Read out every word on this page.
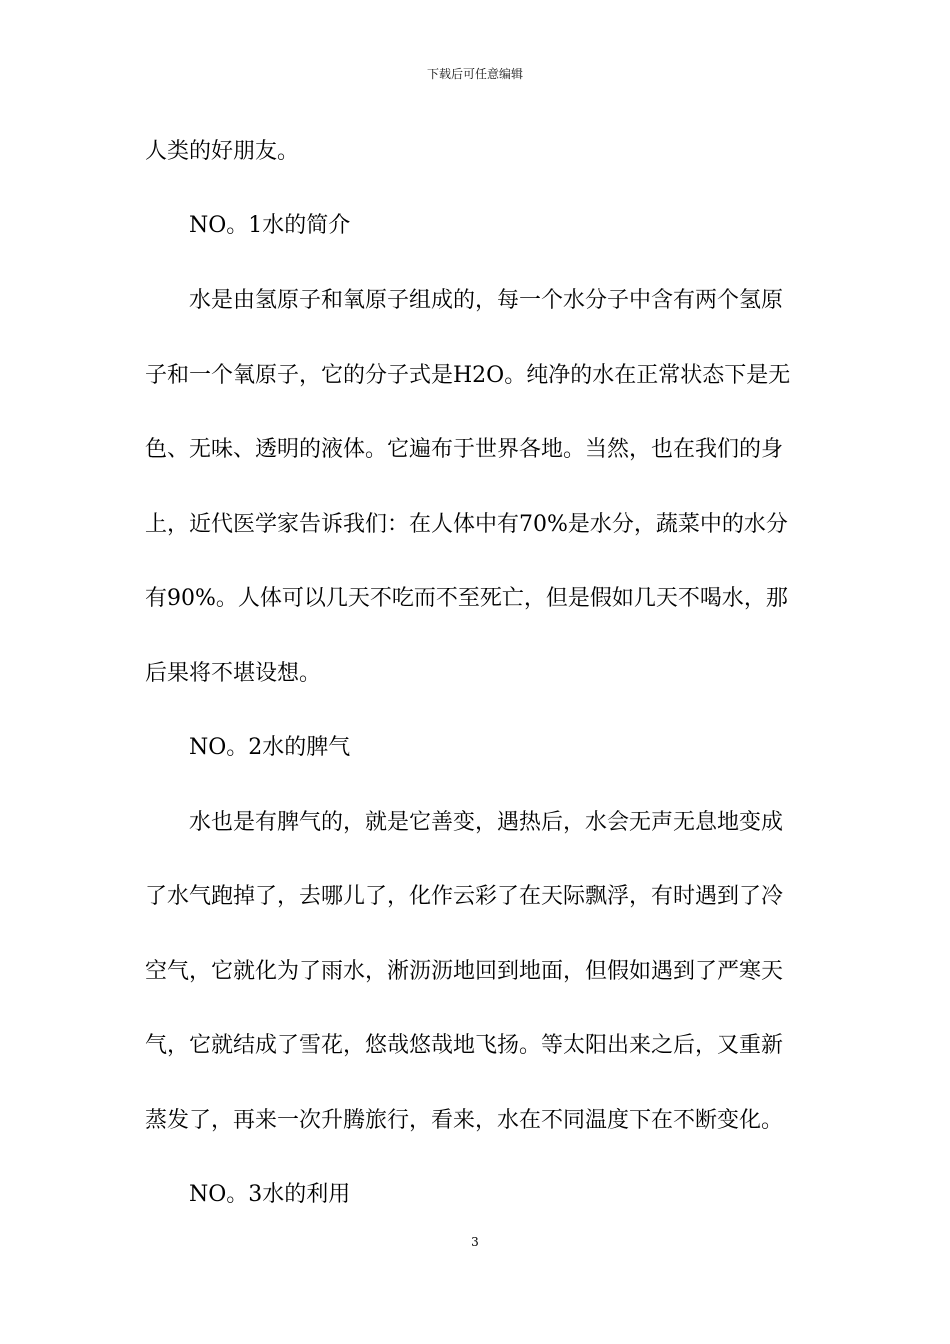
下载后可任意编辑
人类的好朋友。
NO。1水的简介
水是由氢原子和氧原子组成的，每一个水分子中含有两个氢原
子和一个氧原子，它的分子式是H2O。纯净的水在正常状态下是无
色、无味、透明的液体。它遍布于世界各地。当然，也在我们的身
上，近代医学家告诉我们：在人体中有70%是水分，蔬菜中的水分
有90%。人体可以几天不吃而不至死亡，但是假如几天不喝水，那
后果将不堪设想。
NO。2水的脾气
水也是有脾气的，就是它善变，遇热后，水会无声无息地变成
了水气跑掉了，去哪儿了，化作云彩了在天际飘浮，有时遇到了冷
空气，它就化为了雨水，淅沥沥地回到地面，但假如遇到了严寒天
气，它就结成了雪花，悠哉悠哉地飞扬。等太阳出来之后，又重新
蒸发了，再来一次升腾旅行，看来，水在不同温度下在不断变化。
NO。3水的利用
3
